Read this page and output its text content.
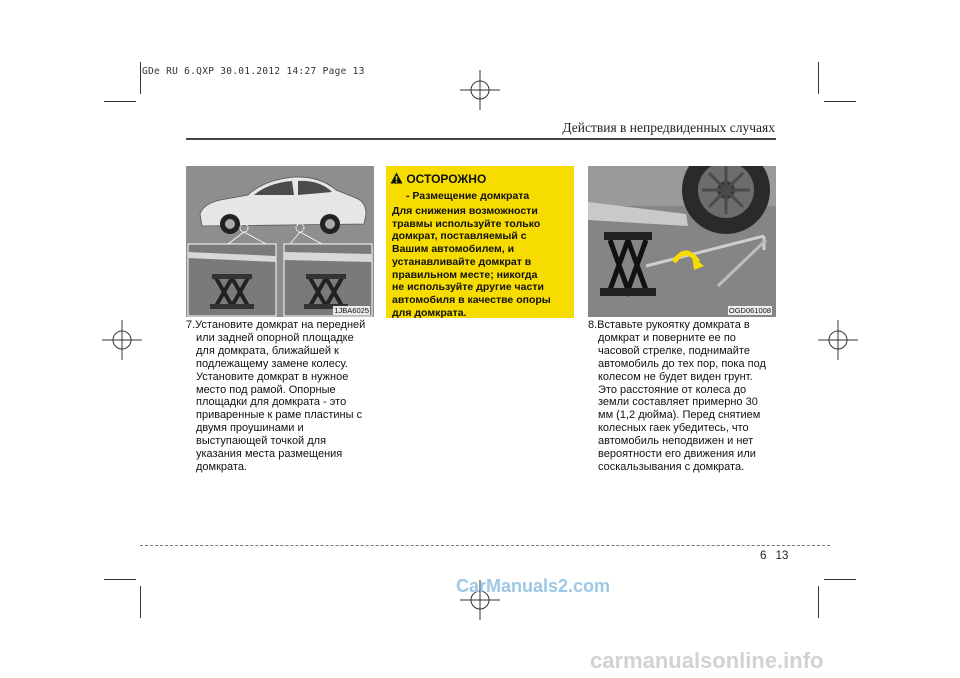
GDe RU 6.QXP 30.01.2012 14:27 Page 13
Действия в непредвиденных случаях
1JBA6025
7.Установите домкрат на передней
или задней опорной площадке
для домкрата, ближайшей к
подлежащему замене колесу.
Установите домкрат в нужное
место под рамой. Опорные
площадки для домкрата - это
приваренные к раме пластины с
двумя проушинами и
выступающей точкой для
указания места размещения
домкрата.
ОСТОРОЖНО
- Размещение домкрата
Для снижения возможности
травмы используйте только
домкрат, поставляемый с
Вашим автомобилем, и
устанавливайте домкрат в
правильном месте; никогда
не используйте другие части
автомобиля в качестве опоры
для домкрата.	OGD061008
8.Вставьте рукоятку домкрата в
домкрат и поверните ее по
часовой стрелке, поднимайте
автомобиль до тех пор, пока под
колесом не будет виден грунт.
Это расстояние от колеса до
земли составляет примерно 30
мм (1,2 дюйма). Перед снятием
колесных гаек убедитесь, что
автомобиль неподвижен и нет
вероятности его движения или
соскальзывания с домкрата.
6 13
CarManuals2.com
carmanualsonline.info
